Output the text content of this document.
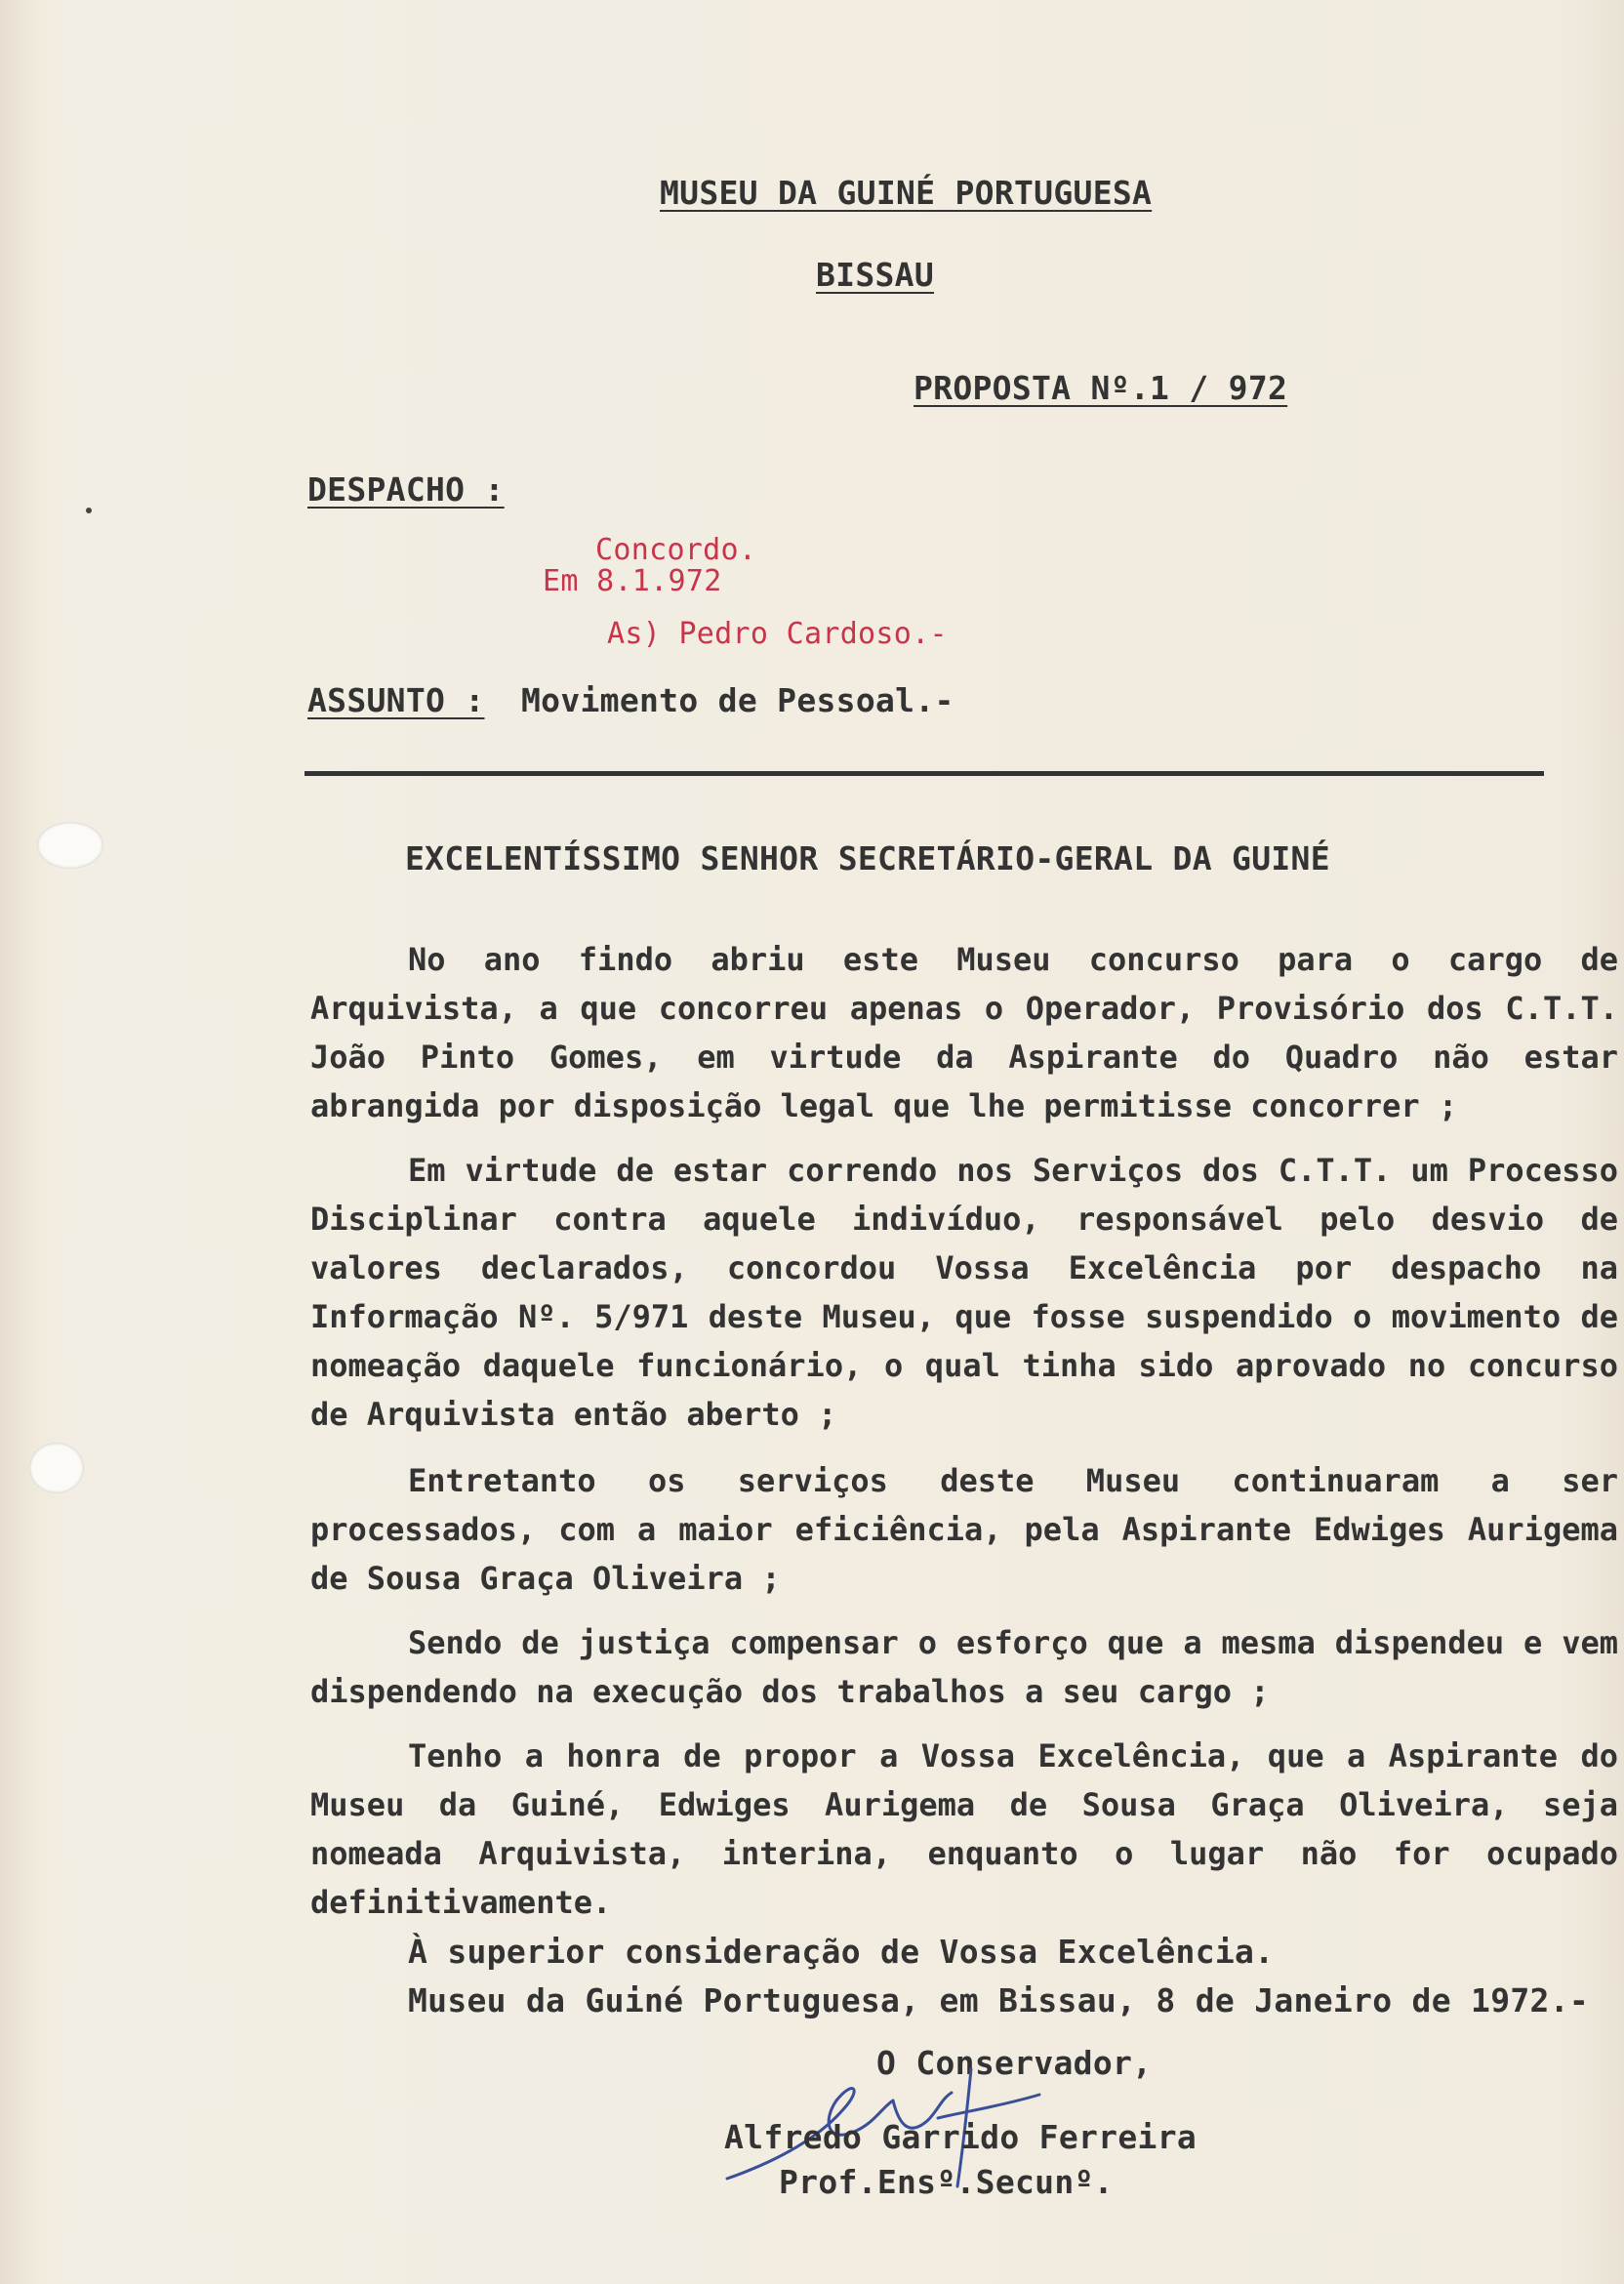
MUSEU DA GUINÉ PORTUGUESA
BISSAU
PROPOSTA Nº.1 / 972
DESPACHO :
Concordo.
Em 8.1.972
As) Pedro Cardoso.-
ASSUNTO : Movimento de Pessoal.-
EXCELENTÍSSIMO SENHOR SECRETÁRIO-GERAL DA GUINÉ

No ano findo abriu este Museu concurso para o cargo de Arquivista, a que concorreu apenas o Operador, Provisório dos C.T.T. João Pinto Gomes, em virtude da Aspirante do Quadro não estar abrangida por disposição legal que lhe permitisse concorrer ;

Em virtude de estar correndo nos Serviços dos C.T.T. um Processo Disciplinar contra aquele indivíduo, responsável pelo desvio de valores declarados, concordou Vossa Excelência por despacho na Informação Nº. 5/971 deste Museu, que fosse suspendido o movimento de nomeação daquele funcionário, o qual tinha sido aprovado no concurso de Arquivista então aberto ;

Entretanto os serviços deste Museu continuaram a ser processados, com a maior eficiência, pela Aspirante Edwiges Aurigema de Sousa Graça Oliveira ;

Sendo de justiça compensar o esforço que a mesma dispendeu e vem dispendendo na execução dos trabalhos a seu cargo ;

Tenho a honra de propor a Vossa Excelência, que a Aspirante do Museu da Guiné, Edwiges Aurigema de Sousa Graça Oliveira, seja nomeada Arquivista, interina, enquanto o lugar não for ocupado definitivamente.

À superior consideração de Vossa Excelência.
Museu da Guiné Portuguesa, em Bissau, 8 de Janeiro de 1972.-
O Conservador,
Alfredo Garrido Ferreira
Prof.Ensº.Secunº.
